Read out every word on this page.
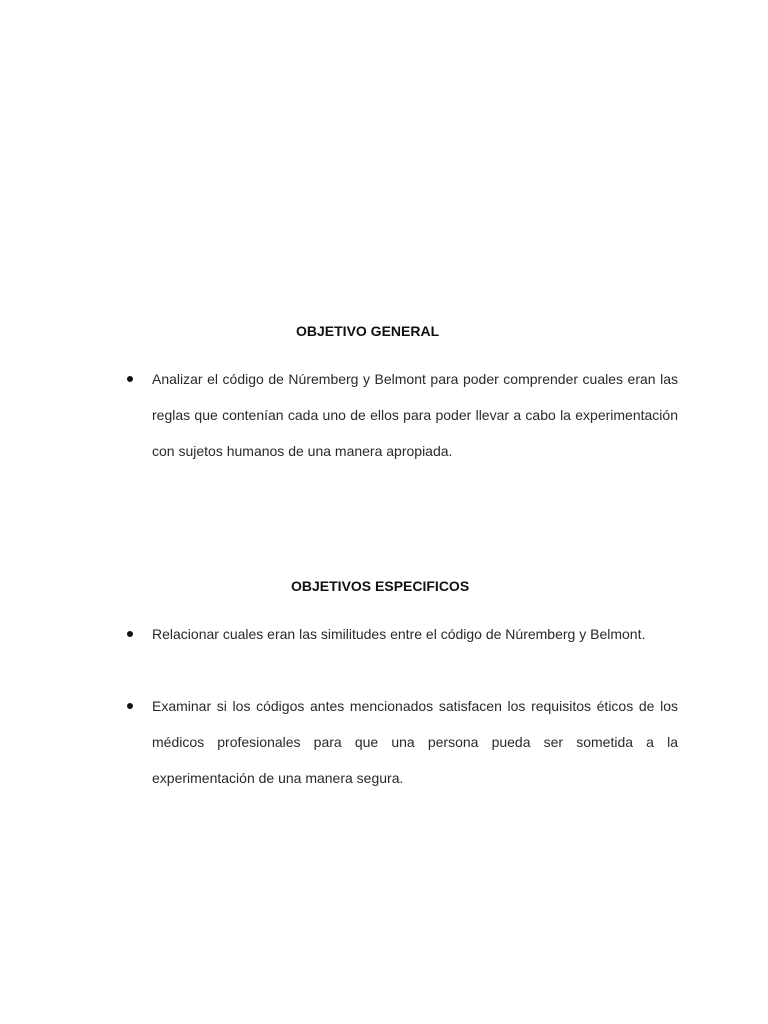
OBJETIVO GENERAL
Analizar el código de Núremberg y Belmont para poder comprender cuales eran las reglas que contenían cada uno de ellos para poder llevar a cabo la experimentación con sujetos humanos de una manera apropiada.
OBJETIVOS ESPECIFICOS
Relacionar cuales eran las similitudes entre el código de Núremberg y Belmont.
Examinar si los códigos antes mencionados satisfacen los requisitos éticos de los médicos profesionales para que una persona pueda ser sometida a la experimentación de una manera segura.
